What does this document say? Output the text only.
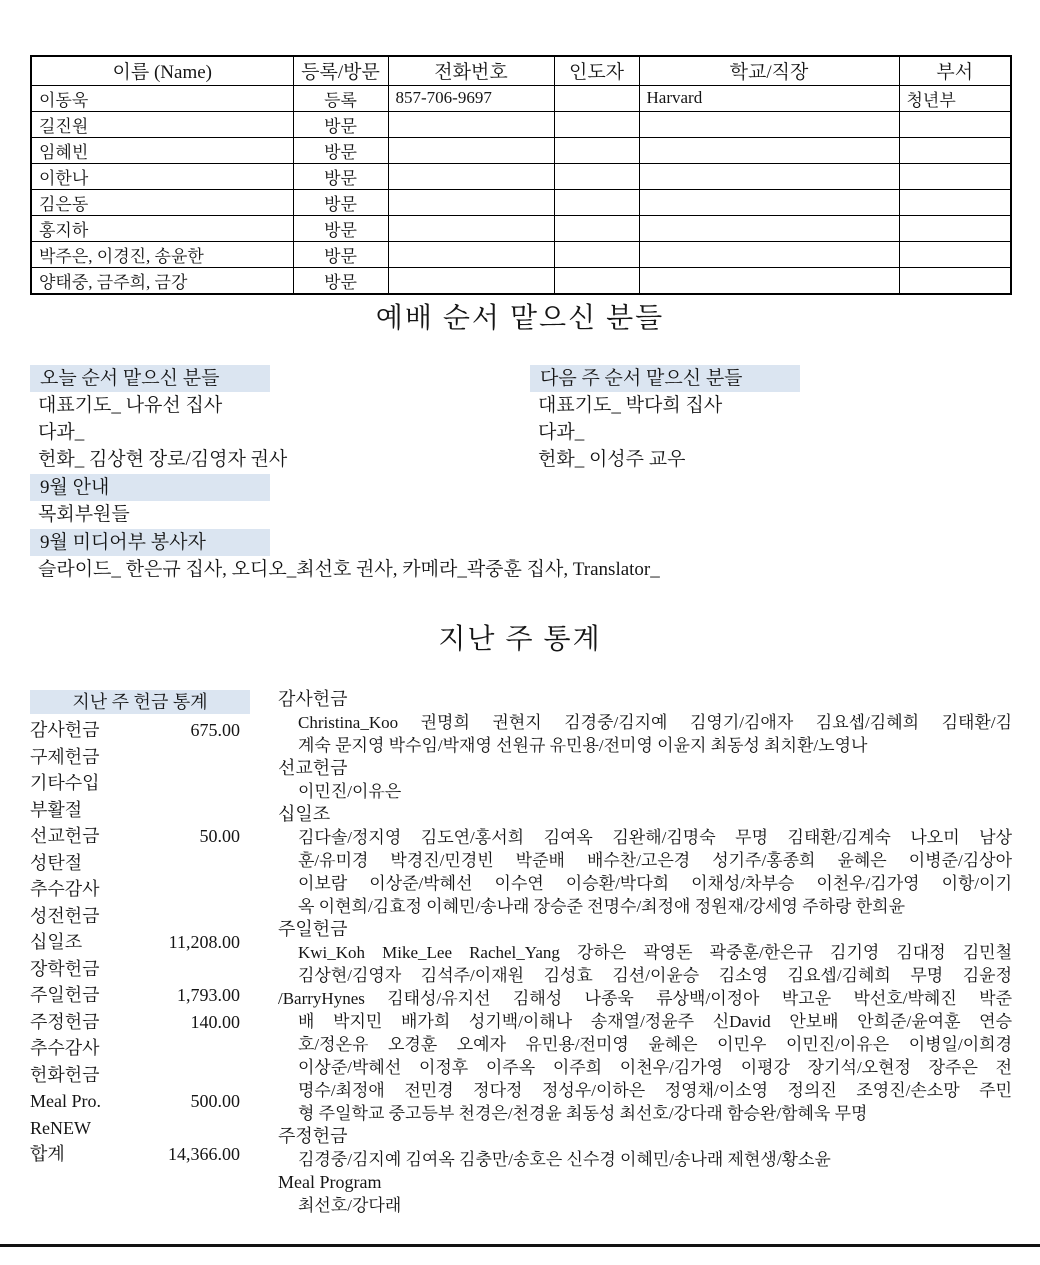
이름 (Name)	등록/방문	전화번호	인도자	학교/직장	부서
이동욱	등록	857-706-9697		Harvard	청년부
길진원	방문				
임혜빈	방문				
이한나	방문				
김은동	방문				
홍지하	방문				
박주은, 이경진, 송윤한	방문				
양태중, 금주희, 금강	방문				
예배 순서 맡으신 분들
오늘 순서 맡으신 분들
대표기도_ 나유선 집사
다과_
헌화_ 김상현 장로/김영자 권사
9월 안내
목회부원들
9월 미디어부 봉사자
슬라이드_ 한은규 집사, 오디오_최선호 권사, 카메라_곽중훈 집사, Translator_
다음 주 순서 맡으신 분들
대표기도_ 박다희 집사
다과_
헌화_ 이성주 교우
지난 주 통계
지난 주 헌금 통계
감사헌금	675.00
구제헌금
기타수입
부활절
선교헌금	50.00
성탄절
추수감사
성전헌금
십일조	11,208.00
장학헌금
주일헌금	1,793.00
주정헌금	140.00
추수감사
헌화헌금
Meal Pro.	500.00
ReNEW
합계	14,366.00
감사헌금
Christina_Koo 권명희 권현지 김경중/김지예 김영기/김애자 김요셉/김혜희 김태환/김
계숙 문지영 박수임/박재영 선원규 유민용/전미영 이윤지 최동성 최치환/노영나
선교헌금
이민진/이유은
십일조
김다솔/정지영 김도연/홍서희 김여옥 김완해/김명숙 무명 김태환/김계숙 나오미 남상
훈/유미경 박경진/민경빈 박준배 배수찬/고은경 성기주/홍종희 윤혜은 이병준/김상아
이보람 이상준/박혜선 이수연 이승환/박다희 이채성/차부승 이천우/김가영 이항/이기
옥 이현희/김효정 이혜민/송나래 장승준 전명수/최정애 정원재/강세영 주하랑 한희윤
주일헌금
Kwi_Koh Mike_Lee Rachel_Yang 강하은 곽영돈 곽중훈/한은규 김기영 김대정 김민철
김상현/김영자 김석주/이재원 김성효 김션/이윤승 김소영 김요셉/김혜희 무명 김윤정
/BarryHynes 김태성/유지선 김해성 나종욱 류상백/이정아 박고운 박선호/박혜진 박준
배 박지민 배가희 성기백/이해나 송재열/정윤주 신David 안보배 안희준/윤여훈 연승
호/정온유 오경훈 오예자 유민용/전미영 윤혜은 이민우 이민진/이유은 이병일/이희경
이상준/박혜선 이정후 이주옥 이주희 이천우/김가영 이평강 장기석/오현정 장주은 전
명수/최정애 전민경 정다정 정성우/이하은 정영채/이소영 정의진 조영진/손소망 주민
형 주일학교 중고등부 천경은/천경윤 최동성 최선호/강다래 함승완/함혜욱 무명
주정헌금
김경중/김지예 김여옥 김충만/송호은 신수경 이혜민/송나래 제현생/황소윤
Meal Program
최선호/강다래
